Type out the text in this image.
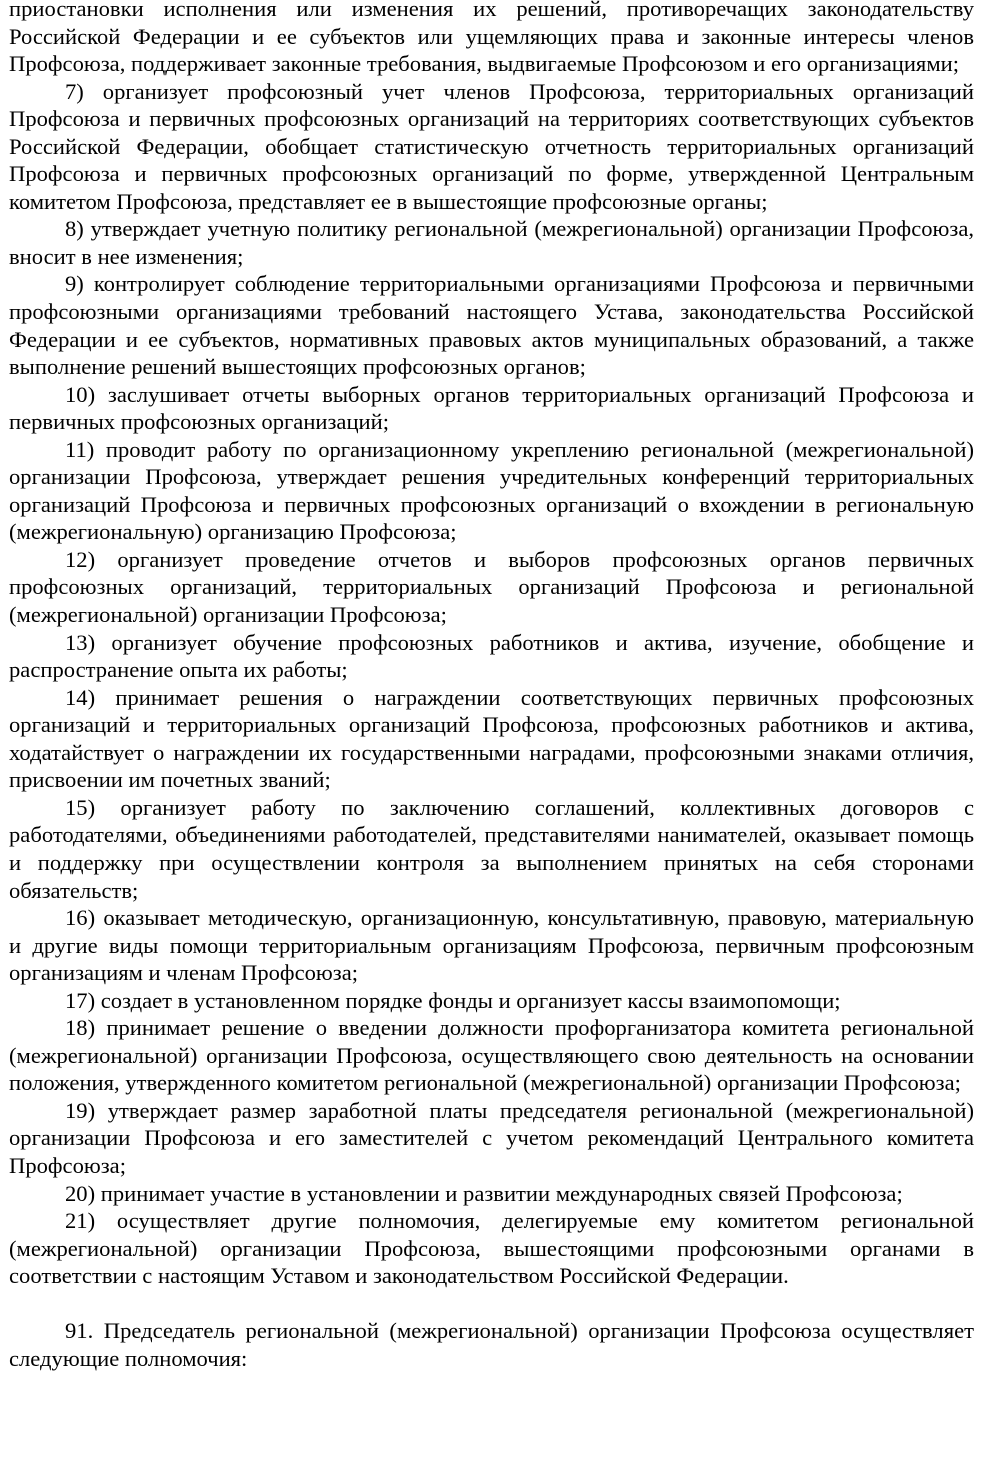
приостановки исполнения или изменения их решений, противоречащих законодательству Российской Федерации и ее субъектов или ущемляющих права и законные интересы членов Профсоюза, поддерживает законные требования, выдвигаемые Профсоюзом и его организациями;

7) организует профсоюзный учет членов Профсоюза, территориальных организаций Профсоюза и первичных профсоюзных организаций на территориях соответствующих субъектов Российской Федерации, обобщает статистическую отчетность территориальных организаций Профсоюза и первичных профсоюзных организаций по форме, утвержденной Центральным комитетом Профсоюза, представляет ее в вышестоящие профсоюзные органы;

8) утверждает учетную политику региональной (межрегиональной) организации Профсоюза, вносит в нее изменения;

9) контролирует соблюдение территориальными организациями Профсоюза и первичными профсоюзными организациями требований настоящего Устава, законодательства Российской Федерации и ее субъектов, нормативных правовых актов муниципальных образований, а также выполнение решений вышестоящих профсоюзных органов;

10) заслушивает отчеты выборных органов территориальных организаций Профсоюза и первичных профсоюзных организаций;

11) проводит работу по организационному укреплению региональной (межрегиональной) организации Профсоюза, утверждает решения учредительных конференций территориальных организаций Профсоюза и первичных профсоюзных организаций о вхождении в региональную (межрегиональную) организацию Профсоюза;

12) организует проведение отчетов и выборов профсоюзных органов первичных профсоюзных организаций, территориальных организаций Профсоюза и региональной (межрегиональной) организации Профсоюза;

13) организует обучение профсоюзных работников и актива, изучение, обобщение и распространение опыта их работы;

14) принимает решения о награждении соответствующих первичных профсоюзных организаций и территориальных организаций Профсоюза, профсоюзных работников и актива, ходатайствует о награждении их государственными наградами, профсоюзными знаками отличия, присвоении им почетных званий;

15) организует работу по заключению соглашений, коллективных договоров с работодателями, объединениями работодателей, представителями нанимателей, оказывает помощь и поддержку при осуществлении контроля за выполнением принятых на себя сторонами обязательств;

16) оказывает методическую, организационную, консультативную, правовую, материальную и другие виды помощи территориальным организациям Профсоюза, первичным профсоюзным организациям и членам Профсоюза;

17) создает в установленном порядке фонды и организует кассы взаимопомощи;

18) принимает решение о введении должности профорганизатора комитета региональной (межрегиональной) организации Профсоюза, осуществляющего свою деятельность на основании положения, утвержденного комитетом региональной (межрегиональной) организации Профсоюза;

19) утверждает размер заработной платы председателя региональной (межрегиональной) организации Профсоюза и его заместителей с учетом рекомендаций Центрального комитета Профсоюза;

20) принимает участие в установлении и развитии международных связей Профсоюза;

21) осуществляет другие полномочия, делегируемые ему комитетом региональной (межрегиональной) организации Профсоюза, вышестоящими профсоюзными органами в соответствии с настоящим Уставом и законодательством Российской Федерации.

91. Председатель региональной (межрегиональной) организации Профсоюза осуществляет следующие полномочия:
